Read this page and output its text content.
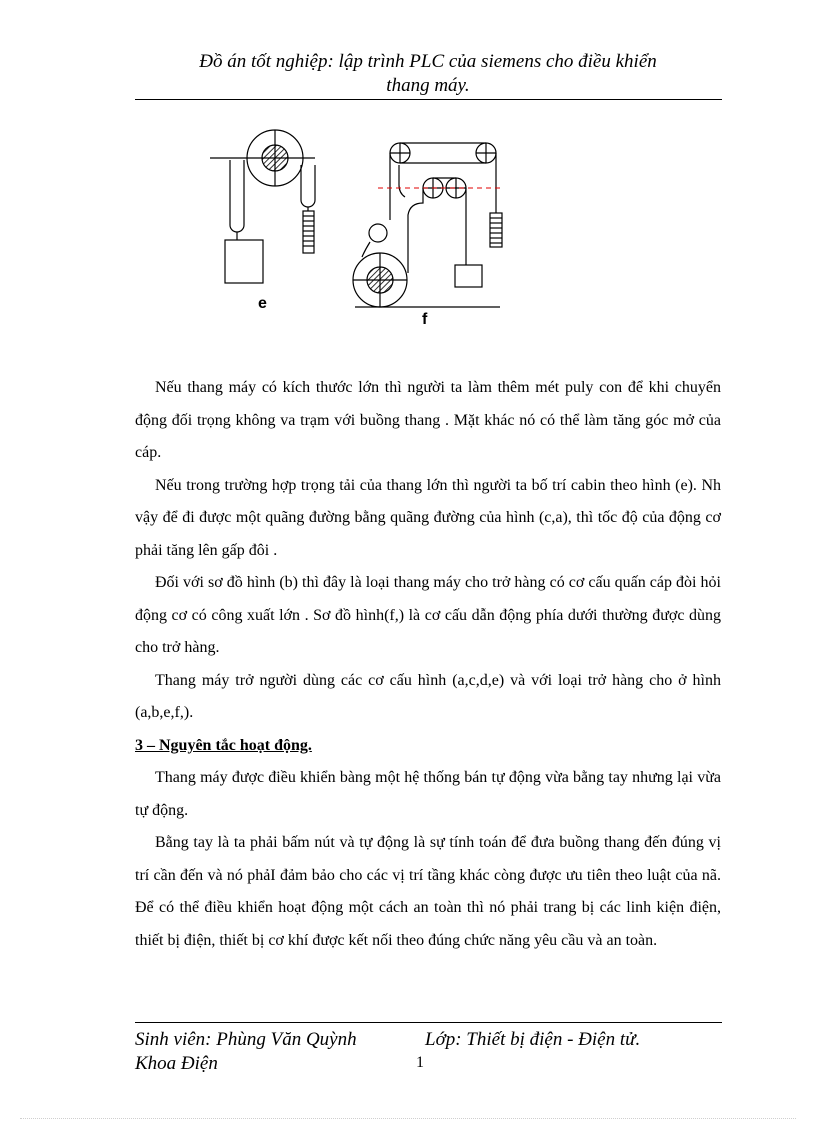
Đồ án tốt nghiệp: lập trình PLC của siemens cho điều khiển
thang máy.
e
f

Nếu thang máy có kích thước lớn thì người ta làm thêm mét puly con để khi chuyển động đối trọng không va trạm với buồng thang . Mặt khác nó có thể làm tăng góc mở của cáp.

Nếu trong trường hợp trọng tải của thang lớn thì người ta bố trí cabin theo hình (e). Nh vậy để đi được một quãng đường bằng quãng đường của hình (c,a), thì tốc độ của động cơ phải tăng lên gấp đôi .

Đối với sơ đồ hình (b) thì đây là loại thang máy cho trở hàng có cơ cấu quấn cáp đòi hỏi động cơ có công xuất lớn . Sơ đồ hình(f,) là cơ cấu dẫn động phía dưới thường được dùng cho trở hàng.

Thang máy trở người dùng các cơ cấu hình (a,c,d,e) và với loại trở hàng cho ở hình (a,b,e,f,).

3 – Nguyên tắc hoạt động.

Thang máy được điều khiển bàng một hệ thống bán tự động vừa bằng tay nhưng lại vừa tự động.

Bằng tay là ta phải bấm nút và tự động là sự tính toán để đưa buồng thang đến đúng vị trí cần đến và nó phảI đảm bảo cho các vị trí tầng khác còng được ưu tiên theo luật của nã. Để có thể điều khiển hoạt động một cách an toàn thì nó phải trang bị các linh kiện điện, thiết bị điện, thiết bị cơ khí được kết nối theo đúng chức năng yêu cầu và an toàn.

Sinh viên: Phùng Văn Quỳnh	Lớp: Thiết bị điện - Điện tử.
Khoa Điện	1
